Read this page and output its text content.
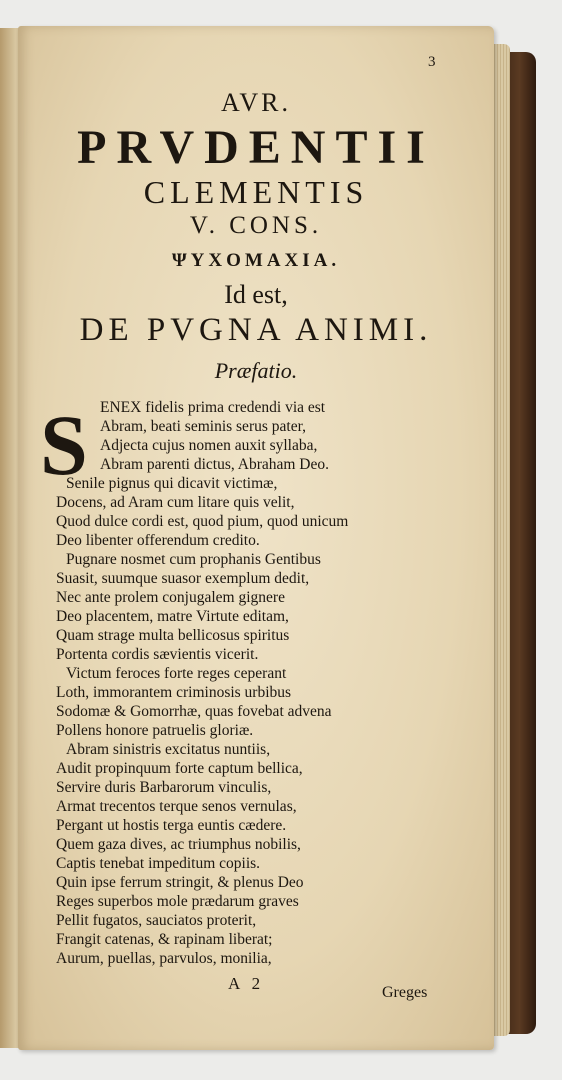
3
AVR.
PRVDENTII
CLEMENTIS
V. CONS.
ΨΥΧΟΜΑΧΙΑ.
Id est,
DE PVGNA ANIMI.
Præfatio.
S ENEX fidelis prima credendi via est
Abram, beati seminis serus pater,
Adjecta cujus nomen auxit syllaba,
Abram parenti dictus, Abraham Deo.
Senile pignus qui dicavit victimæ,
Docens, ad Aram cum litare quis velit,
Quod dulce cordi est, quod pium, quod unicum
Deo libenter offerendum credito.
Pugnare nosmet cum prophanis Gentibus
Suasit, suumque suasor exemplum dedit,
Nec ante prolem conjugalem gignere
Deo placentem, matre Virtute editam,
Quam strage multa bellicosus spiritus
Portenta cordis sævientis vicerit.
Victum feroces forte reges ceperant
Loth, immorantem criminosis urbibus
Sodomæ & Gomorrhæ, quas fovebat advena
Pollens honore patruelis gloriæ.
Abram sinistris excitatus nuntiis,
Audit propinquum forte captum bellica,
Servire duris Barbarorum vinculis,
Armat trecentos terque senos vernulas,
Pergant ut hostis terga euntis cædere.
Quem gaza dives, ac triumphus nobilis,
Captis tenebat impeditum copiis.
Quin ipse ferrum stringit, & plenus Deo
Reges superbos mole prædarum graves
Pellit fugatos, sauciatos proterit,
Frangit catenas, & rapinam liberat;
Aurum, puellas, parvulos, monilia,
A 2	Greges
